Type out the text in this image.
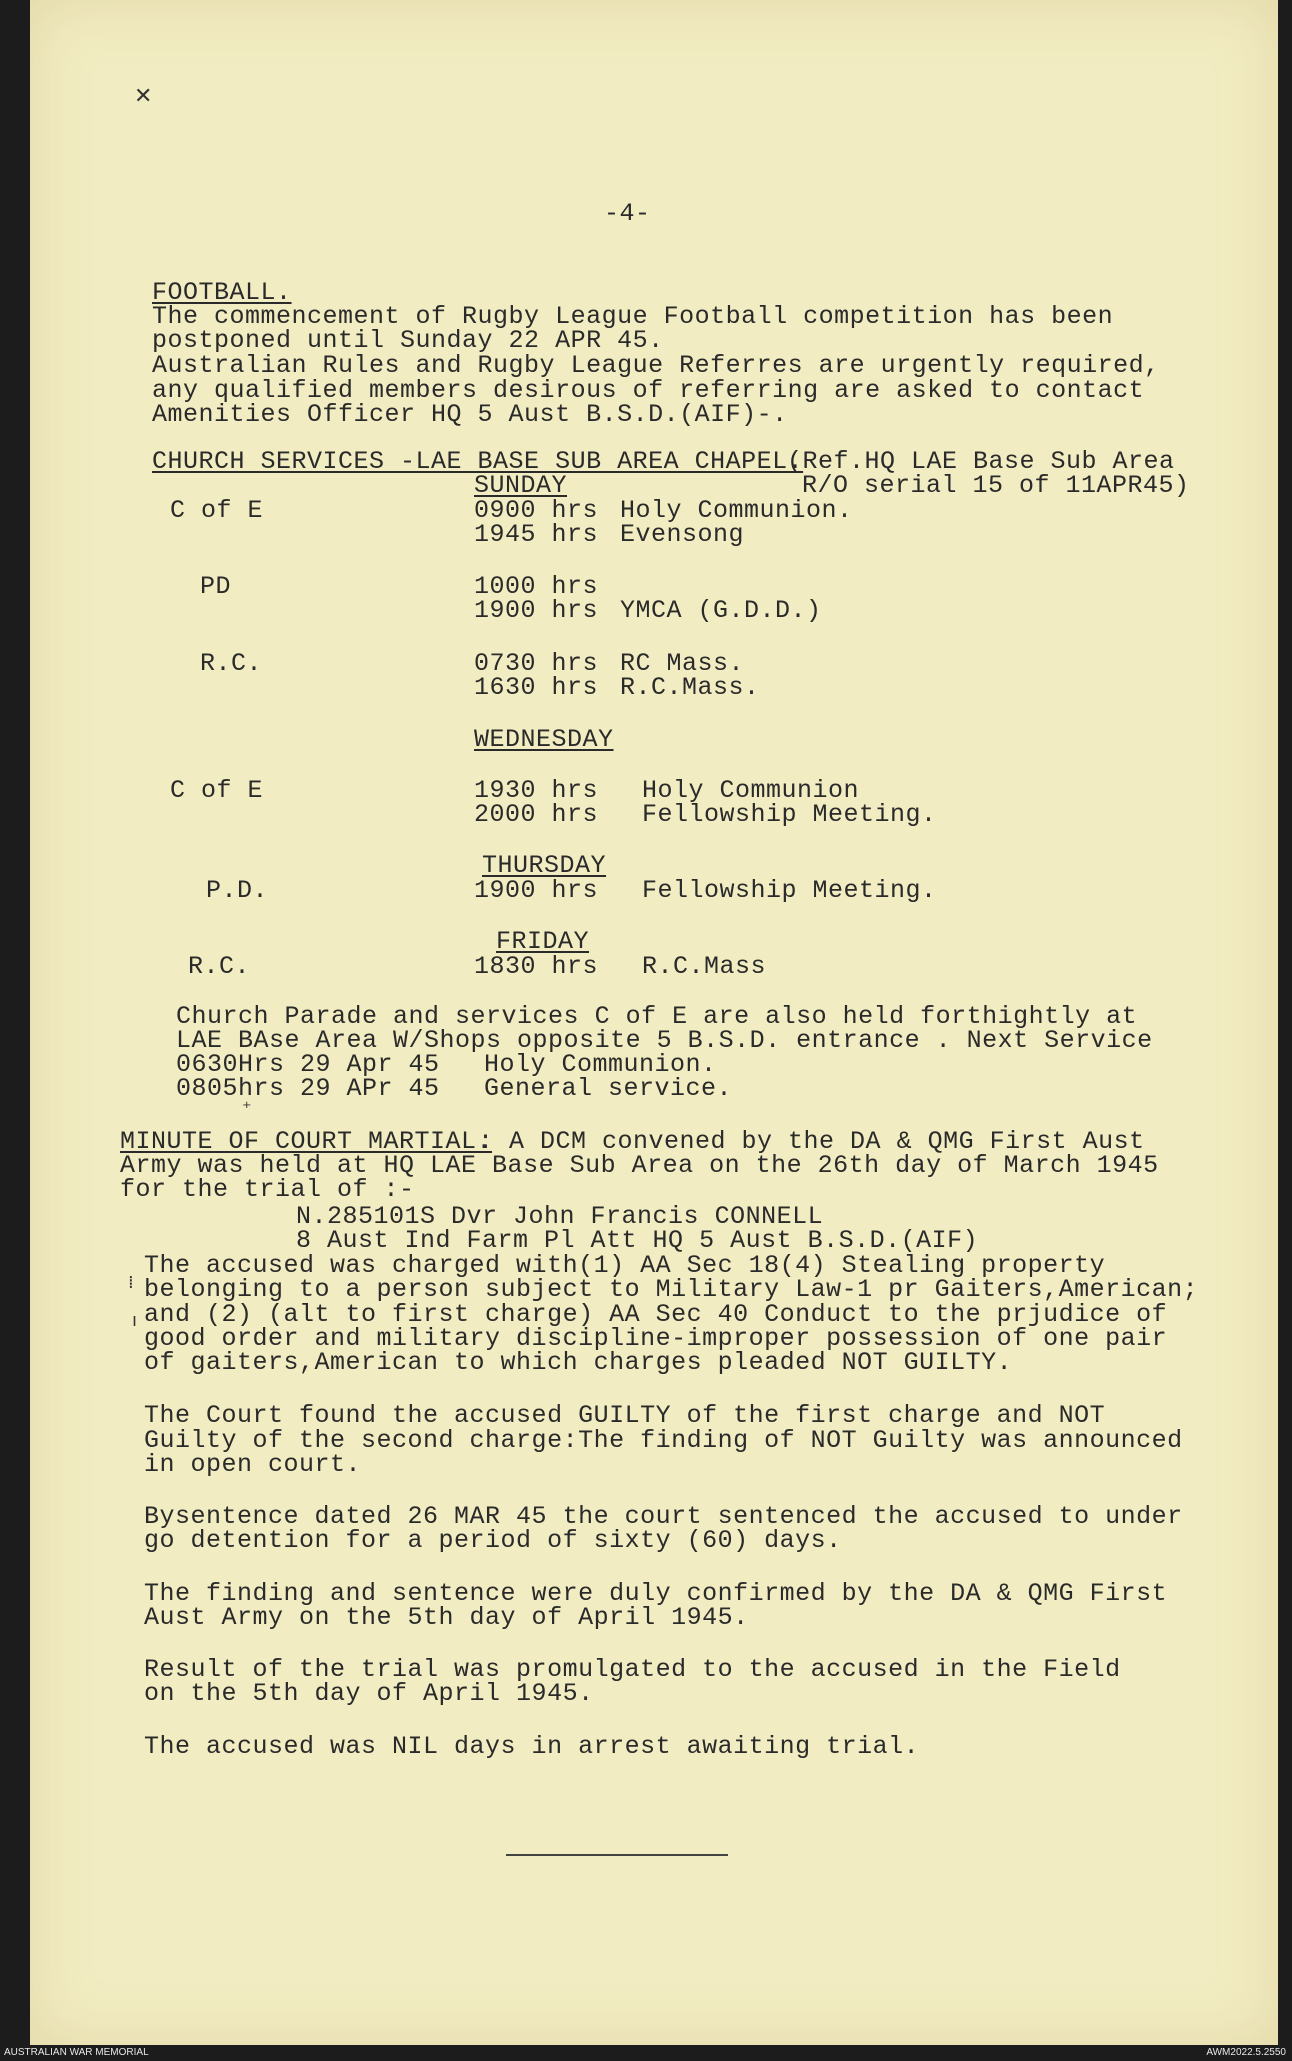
✕
⁺
⁞
ı
-4-
FOOTBALL.
The commencement of Rugby League Football competition has been
postponed until Sunday 22 APR 45.
Australian Rules and Rugby League Referres are urgently required,
any qualified members desirous of referring are asked to contact
Amenities Officer HQ 5 Aust B.S.D.(AIF)-.
CHURCH SERVICES -LAE BASE SUB AREA CHAPEL.
(Ref.HQ LAE Base Sub Area
R/O serial 15 of 11APR45)
SUNDAY
C of E	0900 hrs Holy Communion.
1945 hrs Evensong
PD	1000 hrs
1900 hrs YMCA (G.D.D.)
R.C.	0730 hrs RC Mass.
1630 hrs R.C.Mass.
WEDNESDAY
C of E	1930 hrs Holy Communion
2000 hrs Fellowship Meeting.
THURSDAY
P.D.	1900 hrs Fellowship Meeting.
FRIDAY
R.C.	1830 hrs R.C.Mass
Church Parade and services C of E are also held forthightly at
LAE BAse Area W/Shops opposite 5 B.S.D. entrance . Next Service
0630Hrs 29 Apr 45 Holy Communion.
0805hrs 29 APr 45 General service.
MINUTE OF COURT MARTIAL.
: A DCM convened by the DA & QMG First Aust
Army was held at HQ LAE Base Sub Area on the 26th day of March 1945
for the trial of :-
N.285101S Dvr John Francis CONNELL
8 Aust Ind Farm Pl Att HQ 5 Aust B.S.D.(AIF)
The accused was charged with(1) AA Sec 18(4) Stealing property
belonging to a person subject to Military Law-1 pr Gaiters,American;
and (2) (alt to first charge) AA Sec 40 Conduct to the prjudice of
good order and military discipline-improper possession of one pair
of gaiters,American to which charges pleaded NOT GUILTY.
The Court found the accused GUILTY of the first charge and NOT
Guilty of the second charge:The finding of NOT Guilty was announced
in open court.
Bysentence dated 26 MAR 45 the court sentenced the accused to under
go detention for a period of sixty (60) days.
The finding and sentence were duly confirmed by the DA & QMG First
Aust Army on the 5th day of April 1945.
Result of the trial was promulgated to the accused in the Field
on the 5th day of April 1945.
The accused was NIL days in arrest awaiting trial.
AUSTRALIAN WAR MEMORIAL	AWM2022.5.2550
